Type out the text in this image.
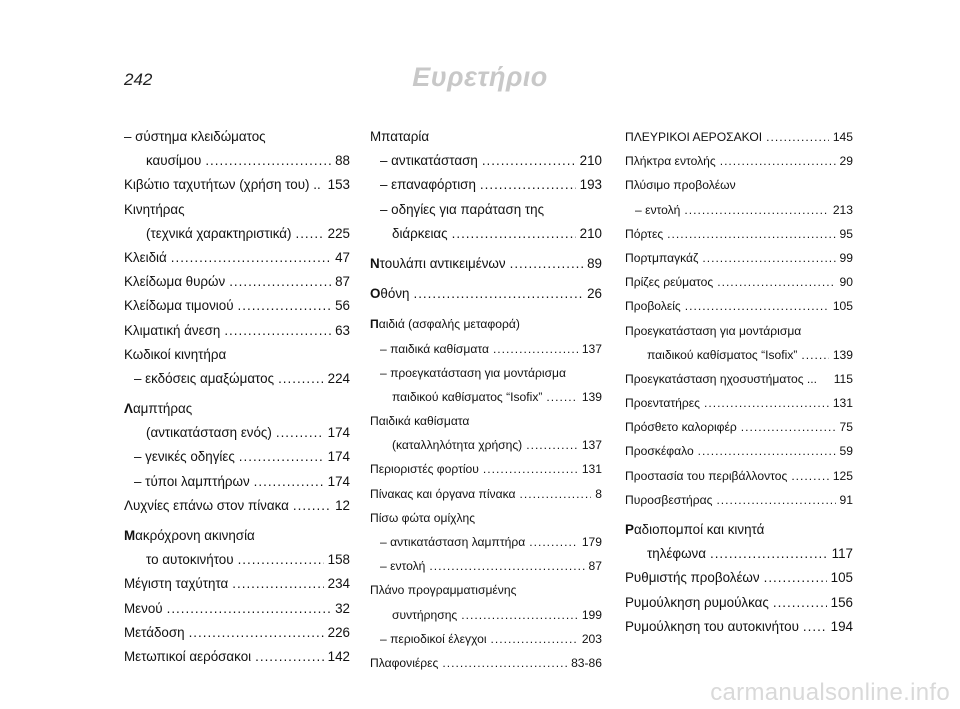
242	Ευρετήριο
– σύστημα κλειδώματος
καυσίμου .....	88
Κιβώτιο ταχυτήτων (χρήση του) .. 153
Κινητήρας
(τεχνικά χαρακτηριστικά) .....	225
Κλειδιά .....	47
Κλείδωμα θυρών .....	87
Κλείδωμα τιμονιού .....	56
Κλιματική άνεση .....	63
Κωδικοί κινητήρα
– εκδόσεις αμαξώματος .....	224
Λαμπτήρας
(αντικατάσταση ενός) .....	174
– γενικές οδηγίες .....	174
– τύποι λαμπτήρων .....	174
Λυχνίες επάνω στον πίνακα .....	12
Μακρόχρονη ακινησία
το αυτοκινήτου .....	158
Μέγιστη ταχύτητα .....	234
Μενού .....	32
Μετάδοση .....	226
Μετωπικοί αερόσακοι .....	142
Μπαταρία
– αντικατάσταση .....	210
– επαναφόρτιση .....	193
– οδηγίες για παράταση της
διάρκειας .....	210
Ντουλάπι αντικειμένων .....	89
Οθόνη .....	26
Παιδιά (ασφαλής μεταφορά)
– παιδικά καθίσματα .....	137
– προεγκατάσταση για μοντάρισμα
παιδικού καθίσματος “Isofix” .....	139
Παιδικά καθίσματα
(καταλληλότητα χρήσης) .....	137
Περιοριστές φορτίου .....	131
Πίνακας και όργανα πίνακα .....	8
Πίσω φώτα ομίχλης
– αντικατάσταση λαμπτήρα .....	179
– εντολή .....	87
Πλάνο προγραμματισμένης
συντήρησης .....	199
– περιοδικοί έλεγχοι .....	203
Πλαφονιέρες .....	83-86
ΠΛΕΥΡΙΚΟΙ ΑΕΡΟΣΑΚΟΙ .....	145
Πλήκτρα εντολής .....	29
Πλύσιμο προβολέων
– εντολή .....	213
Πόρτες .....	95
Πορτμπαγκάζ .....	99
Πρίζες ρεύματος .....	90
Προβολείς .....	105
Προεγκατάσταση για μοντάρισμα
παιδικού καθίσματος “Isofix” .....	139
Προεγκατάσταση ηχοσυστήματος ... 115
Προεντατήρες .....	131
Πρόσθετο καλοριφέρ .....	75
Προσκέφαλο .....	59
Προστασία του περιβάλλοντος .....	125
Πυροσβεστήρας .....	91
Ραδιοπομποί και κινητά
τηλέφωνα .....	117
Ρυθμιστής προβολέων .....	105
Ρυμούλκηση ρυμούλκας .....	156
Ρυμούλκηση του αυτοκινήτου ..... 194
carmanualsonline.info
